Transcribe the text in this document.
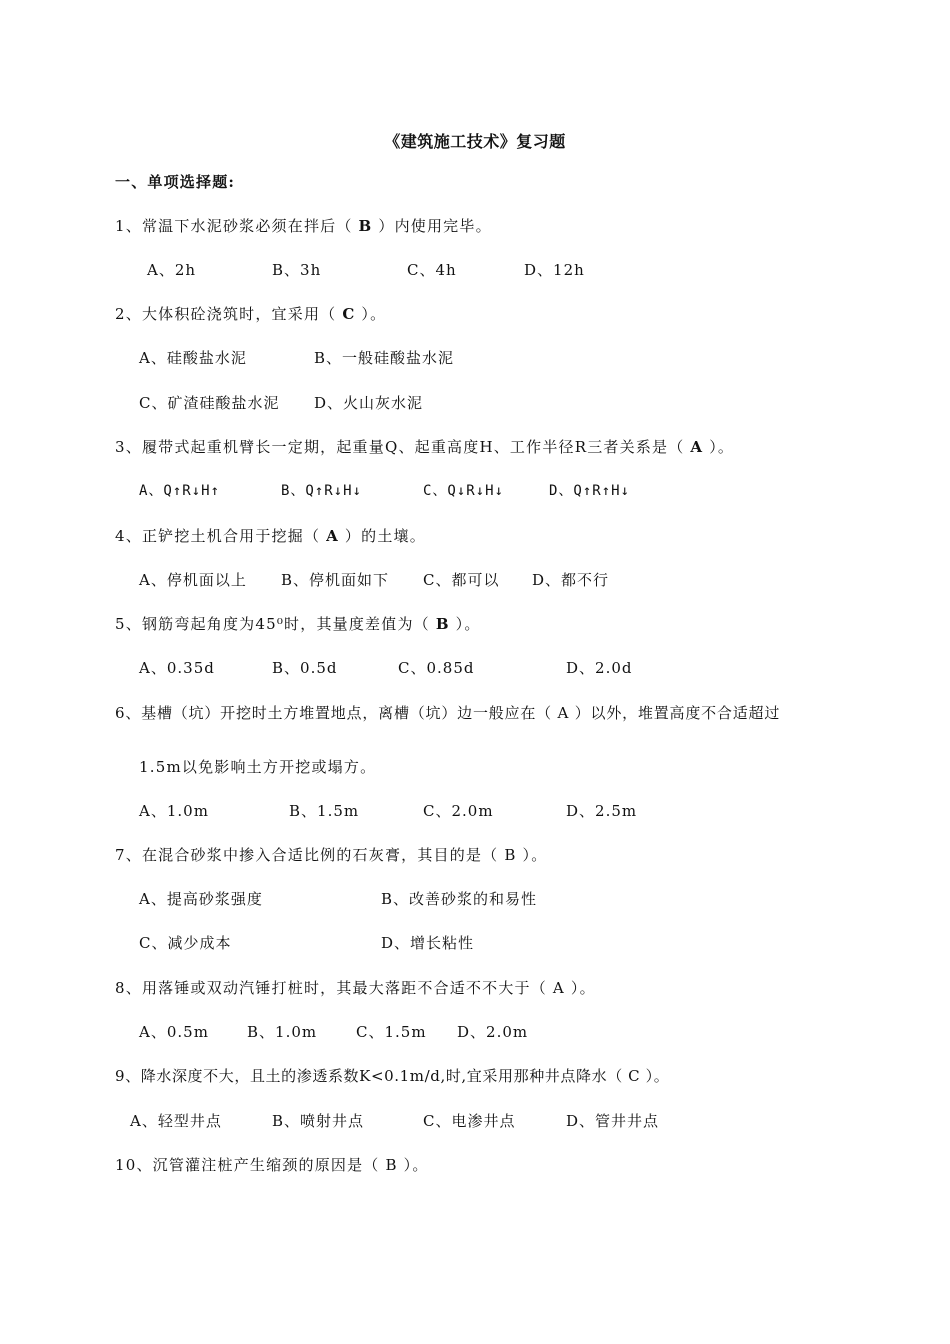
《建筑施工技术》复习题
一、单项选择题:
1、常温下水泥砂浆必须在拌后（ B ）内使用完毕。
A、2h	B、3h	C、4h	D、12h
2、大体积砼浇筑时，宜采用（ C ）。
A、硅酸盐水泥	B、一般硅酸盐水泥
C、矿渣硅酸盐水泥 D、火山灰水泥
3、履带式起重机臂长一定期，起重量Q、起重高度H、工作半径R三者关系是（ A ）。
A、Q↑R↓H↑	B、Q↑R↓H↓	C、Q↓R↓H↓	D、Q↑R↑H↓
4、正铲挖土机合用于挖掘（ A ）的土壤。
A、停机面以上 B、停机面如下 C、都可以 D、都不行
5、钢筋弯起角度为45⁰时，其量度差值为（ B ）。
A、0.35d	B、0.5d	C、0.85d	D、2.0d
6、基槽（坑）开挖时土方堆置地点，离槽（坑）边一般应在（ A ）以外，堆置高度不合适超过
1.5m以免影响土方开挖或塌方。
A、1.0m	B、1.5m	C、2.0m	D、2.5m
7、在混合砂浆中掺入合适比例的石灰膏，其目的是（ B ）。
A、提高砂浆强度	B、改善砂浆的和易性
C、减少成本	D、增长粘性
8、用落锤或双动汽锤打桩时，其最大落距不合适不不大于（ A ）。
A、0.5m	B、1.0m	C、1.5m D、2.0m
9、降水深度不大，且土的渗透系数K<0.1m/d,时,宜采用那种井点降水（ C ）。
A、轻型井点	B、喷射井点	C、电渗井点	D、管井井点
10、沉管灌注桩产生缩颈的原因是（ B ）。
